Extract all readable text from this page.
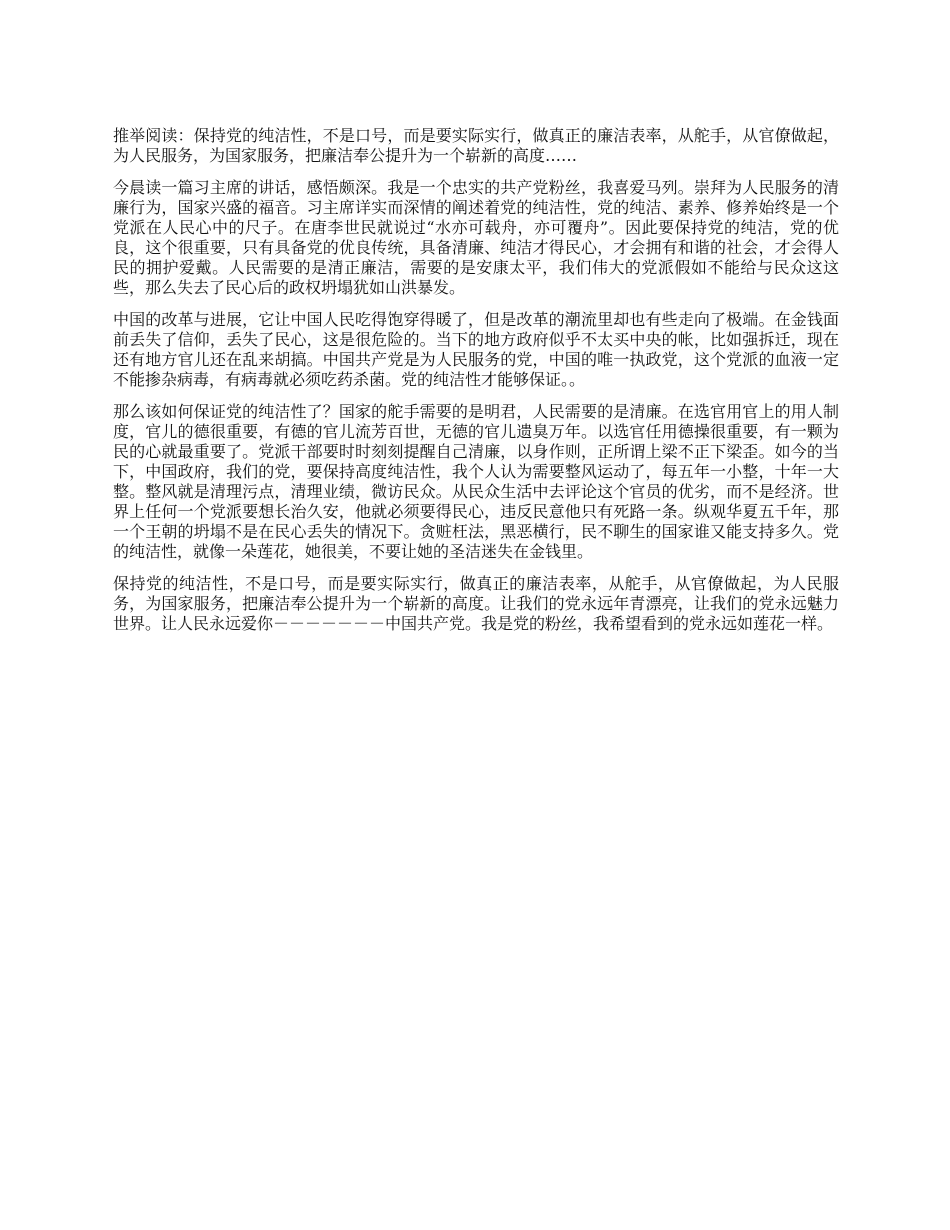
推举阅读：保持党的纯洁性，不是口号，而是要实际实行，做真正的廉洁表率，从舵手，从官僚做起，为人民服务，为国家服务，把廉洁奉公提升为一个崭新的高度……

今晨读一篇习主席的讲话，感悟颇深。我是一个忠实的共产党粉丝，我喜爱马列。崇拜为人民服务的清廉行为，国家兴盛的福音。习主席详实而深情的阐述着党的纯洁性，党的纯洁、素养、修养始终是一个党派在人民心中的尺子。在唐李世民就说过“水亦可载舟，亦可覆舟”。因此要保持党的纯洁，党的优良，这个很重要，只有具备党的优良传统，具备清廉、纯洁才得民心，才会拥有和谐的社会，才会得人民的拥护爱戴。人民需要的是清正廉洁，需要的是安康太平，我们伟大的党派假如不能给与民众这这些，那么失去了民心后的政权坍塌犹如山洪暴发。

中国的改革与进展，它让中国人民吃得饱穿得暖了，但是改革的潮流里却也有些走向了极端。在金钱面前丢失了信仰，丢失了民心，这是很危险的。当下的地方政府似乎不太买中央的帐，比如强拆迁，现在还有地方官儿还在乱来胡搞。中国共产党是为人民服务的党，中国的唯一执政党，这个党派的血液一定不能掺杂病毒，有病毒就必须吃药杀菌。党的纯洁性才能够保证。。

那么该如何保证党的纯洁性了？国家的舵手需要的是明君，人民需要的是清廉。在选官用官上的用人制度，官儿的德很重要，有德的官儿流芳百世，无德的官儿遗臭万年。以选官任用德操很重要，有一颗为民的心就最重要了。党派干部要时时刻刻提醒自己清廉，以身作则，正所谓上梁不正下梁歪。如今的当下，中国政府，我们的党，要保持高度纯洁性，我个人认为需要整风运动了，每五年一小整，十年一大整。整风就是清理污点，清理业绩，微访民众。从民众生活中去评论这个官员的优劣，而不是经济。世界上任何一个党派要想长治久安，他就必须要得民心，违反民意他只有死路一条。纵观华夏五千年，那一个王朝的坍塌不是在民心丢失的情况下。贪赃枉法，黑恶横行，民不聊生的国家谁又能支持多久。党的纯洁性，就像一朵莲花，她很美，不要让她的圣洁迷失在金钱里。

保持党的纯洁性，不是口号，而是要实际实行，做真正的廉洁表率，从舵手，从官僚做起，为人民服务，为国家服务，把廉洁奉公提升为一个崭新的高度。让我们的党永远年青漂亮，让我们的党永远魅力世界。让人民永远爱你－－－－－－－中国共产党。我是党的粉丝，我希望看到的党永远如莲花一样。
